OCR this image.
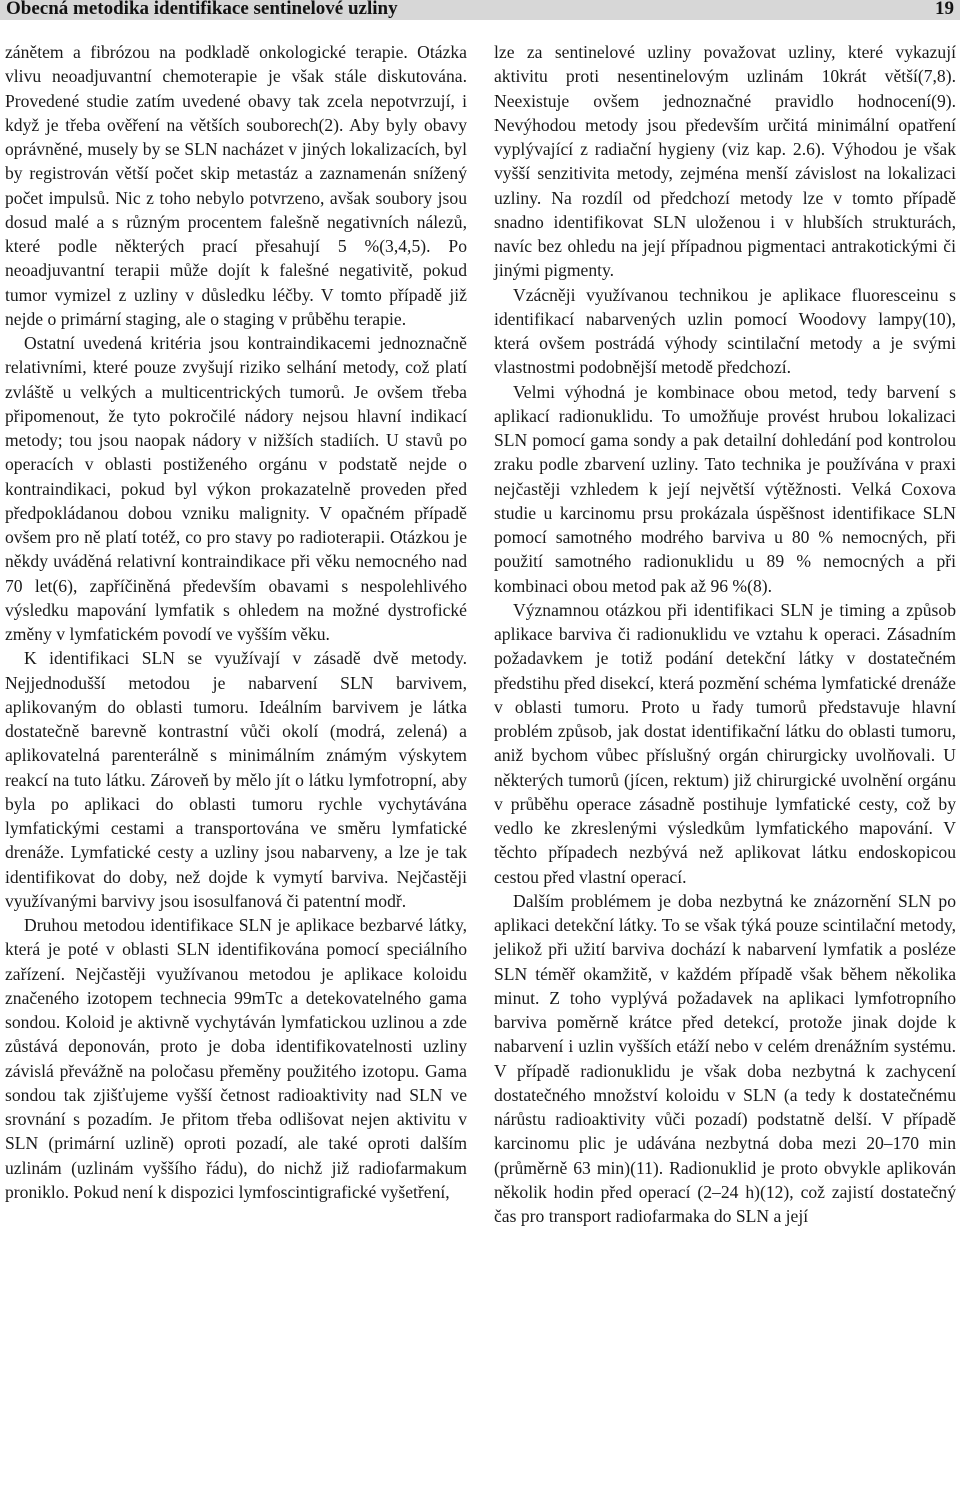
Obecná metodika identifikace sentinelové uzliny	19

zánětem a fibrózou na podkladě onkologické terapie. Otázka vlivu neoadjuvantní chemoterapie je však stále diskutována. Provedené studie zatím uvedené obavy tak zcela nepotvrzují, i když je třeba ověření na větších souborech(2). Aby byly obavy oprávněné, musely by se SLN nacházet v jiných lokalizacích, byl by registrován větší počet skip metastáz a zaznamenán snížený počet impulsů. Nic z toho nebylo potvrzeno, avšak soubory jsou dosud malé a s různým procentem falešně negativních nálezů, které podle některých prací přesahují 5 %(3,4,5). Po neoadjuvantní terapii může dojít k falešné negativitě, pokud tumor vymizel z uzliny v důsledku léčby. V tomto případě již nejde o primární staging, ale o staging v průběhu terapie.

Ostatní uvedená kritéria jsou kontraindikacemi jednoznačně relativními, které pouze zvyšují riziko selhání metody, což platí zvláště u velkých a multicentrických tumorů. Je ovšem třeba připomenout, že tyto pokročilé nádory nejsou hlavní indikací metody; tou jsou naopak nádory v nižších stadiích. U stavů po operacích v oblasti postiženého orgánu v podstatě nejde o kontraindikaci, pokud byl výkon prokazatelně proveden před předpokládanou dobou vzniku malignity. V opačném případě ovšem pro ně platí totéž, co pro stavy po radioterapii. Otázkou je někdy uváděná relativní kontraindikace při věku nemocného nad 70 let(6), zapříčiněná především obavami s nespolehlivého výsledku mapování lymfatik s ohledem na možné dystrofické změny v lymfatickém povodí ve vyšším věku.

K identifikaci SLN se využívají v zásadě dvě metody. Nejjednodušší metodou je nabarvení SLN barvivem, aplikovaným do oblasti tumoru. Ideálním barvivem je látka dostatečně barevně kontrastní vůči okolí (modrá, zelená) a aplikovatelná parenterálně s minimálním známým výskytem reakcí na tuto látku. Zároveň by mělo jít o látku lymfotropní, aby byla po aplikaci do oblasti tumoru rychle vychytávána lymfatickými cestami a transportována ve směru lymfatické drenáže. Lymfatické cesty a uzliny jsou nabarveny, a lze je tak identifikovat do doby, než dojde k vymytí barviva. Nejčastěji využívanými barvivy jsou isosulfanová či patentní modř.

Druhou metodou identifikace SLN je aplikace bezbarvé látky, která je poté v oblasti SLN identifikována pomocí speciálního zařízení. Nejčastěji využívanou metodou je aplikace koloidu značeného izotopem technecia 99mTc a detekovatelného gama sondou. Koloid je aktivně vychytáván lymfatickou uzlinou a zde zůstává deponován, proto je doba identifikovatelnosti uzliny závislá převážně na poločasu přeměny použitého izotopu. Gama sondou tak zjišťujeme vyšší četnost radioaktivity nad SLN ve srovnání s pozadím. Je přitom třeba odlišovat nejen aktivitu v SLN (primární uzlině) oproti pozadí, ale také oproti dalším uzlinám (uzlinám vyššího řádu), do nichž již radiofarmakum proniklo. Pokud není k dispozici lymfoscintigrafické vyšetření,

lze za sentinelové uzliny považovat uzliny, které vykazují aktivitu proti nesentinelovým uzlinám 10krát větší(7,8). Neexistuje ovšem jednoznačné pravidlo hodnocení(9). Nevýhodou metody jsou především určitá minimální opatření vyplývající z radiační hygieny (viz kap. 2.6). Výhodou je však vyšší senzitivita metody, zejména menší závislost na lokalizaci uzliny. Na rozdíl od předchozí metody lze v tomto případě snadno identifikovat SLN uloženou i v hlubších strukturách, navíc bez ohledu na její případnou pigmentaci antrakotickými či jinými pigmenty.

Vzácněji využívanou technikou je aplikace fluoresceinu s identifikací nabarvených uzlin pomocí Woodovy lampy(10), která ovšem postrádá výhody scintilační metody a je svými vlastnostmi podobnější metodě předchozí.

Velmi výhodná je kombinace obou metod, tedy barvení s aplikací radionuklidu. To umožňuje provést hrubou lokalizaci SLN pomocí gama sondy a pak detailní dohledání pod kontrolou zraku podle zbarvení uzliny. Tato technika je používána v praxi nejčastěji vzhledem k její největší výtěžnosti. Velká Coxova studie u karcinomu prsu prokázala úspěšnost identifikace SLN pomocí samotného modrého barviva u 80 % nemocných, při použití samotného radionuklidu u 89 % nemocných a při kombinaci obou metod pak až 96 %(8).

Významnou otázkou při identifikaci SLN je timing a způsob aplikace barviva či radionuklidu ve vztahu k operaci. Zásadním požadavkem je totiž podání detekční látky v dostatečném předstihu před disekcí, která pozmění schéma lymfatické drenáže v oblasti tumoru. Proto u řady tumorů představuje hlavní problém způsob, jak dostat identifikační látku do oblasti tumoru, aniž bychom vůbec příslušný orgán chirurgicky uvolňovali. U některých tumorů (jícen, rektum) již chirurgické uvolnění orgánu v průběhu operace zásadně postihuje lymfatické cesty, což by vedlo ke zkreslenými výsledkům lymfatického mapování. V těchto případech nezbývá než aplikovat látku endoskopicou cestou před vlastní operací.

Dalším problémem je doba nezbytná ke znázornění SLN po aplikaci detekční látky. To se však týká pouze scintilační metody, jelikož při užití barviva dochází k nabarvení lymfatik a posléze SLN téměř okamžitě, v každém případě však během několika minut. Z toho vyplývá požadavek na aplikaci lymfotropního barviva poměrně krátce před detekcí, protože jinak dojde k nabarvení i uzlin vyšších etáží nebo v celém drenážním systému. V případě radionuklidu je však doba nezbytná k zachycení dostatečného množství koloidu v SLN (a tedy k dostatečnému nárůstu radioaktivity vůči pozadí) podstatně delší. V případě karcinomu plic je udávána nezbytná doba mezi 20–170 min (průměrně 63 min)(11). Radionuklid je proto obvykle aplikován několik hodin před operací (2–24 h)(12), což zajistí dostatečný čas pro transport radiofarmaka do SLN a její
